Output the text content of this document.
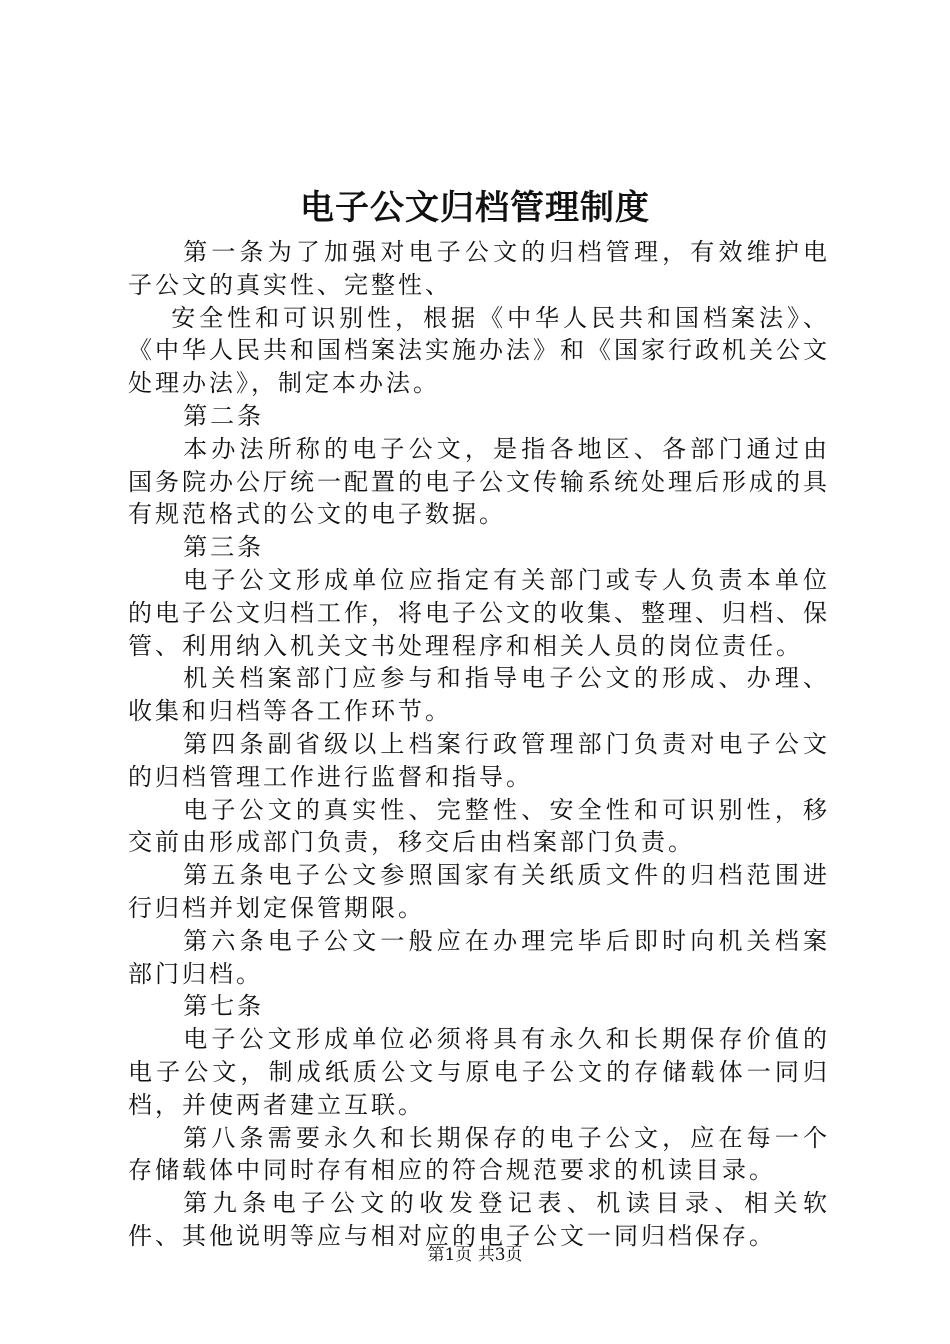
电子公文归档管理制度

第一条为了加强对电子公文的归档管理，有效维护电子公文的真实性、完整性、

安全性和可识别性，根据《中华人民共和国档案法》、《中华人民共和国档案法实施办法》和《国家行政机关公文处理办法》，制定本办法。

第二条

本办法所称的电子公文，是指各地区、各部门通过由国务院办公厅统一配置的电子公文传输系统处理后形成的具有规范格式的公文的电子数据。

第三条

电子公文形成单位应指定有关部门或专人负责本单位的电子公文归档工作，将电子公文的收集、整理、归档、保管、利用纳入机关文书处理程序和相关人员的岗位责任。

机关档案部门应参与和指导电子公文的形成、办理、收集和归档等各工作环节。

第四条副省级以上档案行政管理部门负责对电子公文的归档管理工作进行监督和指导。

电子公文的真实性、完整性、安全性和可识别性，移交前由形成部门负责，移交后由档案部门负责。

第五条电子公文参照国家有关纸质文件的归档范围进行归档并划定保管期限。

第六条电子公文一般应在办理完毕后即时向机关档案部门归档。

第七条

电子公文形成单位必须将具有永久和长期保存价值的电子公文，制成纸质公文与原电子公文的存储载体一同归档，并使两者建立互联。

第八条需要永久和长期保存的电子公文，应在每一个存储载体中同时存有相应的符合规范要求的机读目录。

第九条电子公文的收发登记表、机读目录、相关软件、其他说明等应与相对应的电子公文一同归档保存。

第1页 共3页
